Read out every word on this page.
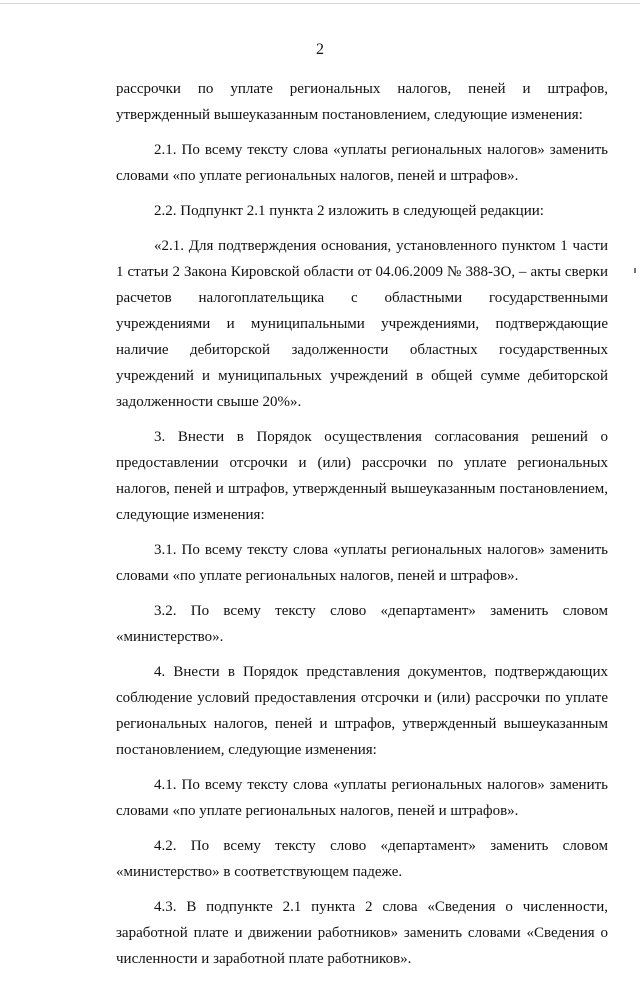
2

рассрочки по уплате региональных налогов, пеней и штрафов, утвержденный вышеуказанным постановлением, следующие изменения:

2.1. По всему тексту слова «уплаты региональных налогов» заменить словами «по уплате региональных налогов, пеней и штрафов».

2.2. Подпункт 2.1 пункта 2 изложить в следующей редакции:

«2.1. Для подтверждения основания, установленного пунктом 1 части 1 статьи 2 Закона Кировской области от 04.06.2009 № 388-ЗО, – акты сверки расчетов налогоплательщика с областными государственными учреждениями и муниципальными учреждениями, подтверждающие наличие дебиторской задолженности областных государственных учреждений и муниципальных учреждений в общей сумме дебиторской задолженности свыше 20%».

3. Внести в Порядок осуществления согласования решений о предоставлении отсрочки и (или) рассрочки по уплате региональных налогов, пеней и штрафов, утвержденный вышеуказанным постановлением, следующие изменения:

3.1. По всему тексту слова «уплаты региональных налогов» заменить словами «по уплате региональных налогов, пеней и штрафов».

3.2. По всему тексту слово «департамент» заменить словом «министерство».

4. Внести в Порядок представления документов, подтверждающих соблюдение условий предоставления отсрочки и (или) рассрочки по уплате региональных налогов, пеней и штрафов, утвержденный вышеуказанным постановлением, следующие изменения:

4.1. По всему тексту слова «уплаты региональных налогов» заменить словами «по уплате региональных налогов, пеней и штрафов».

4.2. По всему тексту слово «департамент» заменить словом «министерство» в соответствующем падеже.

4.3. В подпункте 2.1 пункта 2 слова «Сведения о численности, заработной плате и движении работников» заменить словами «Сведения о численности и заработной плате работников».
